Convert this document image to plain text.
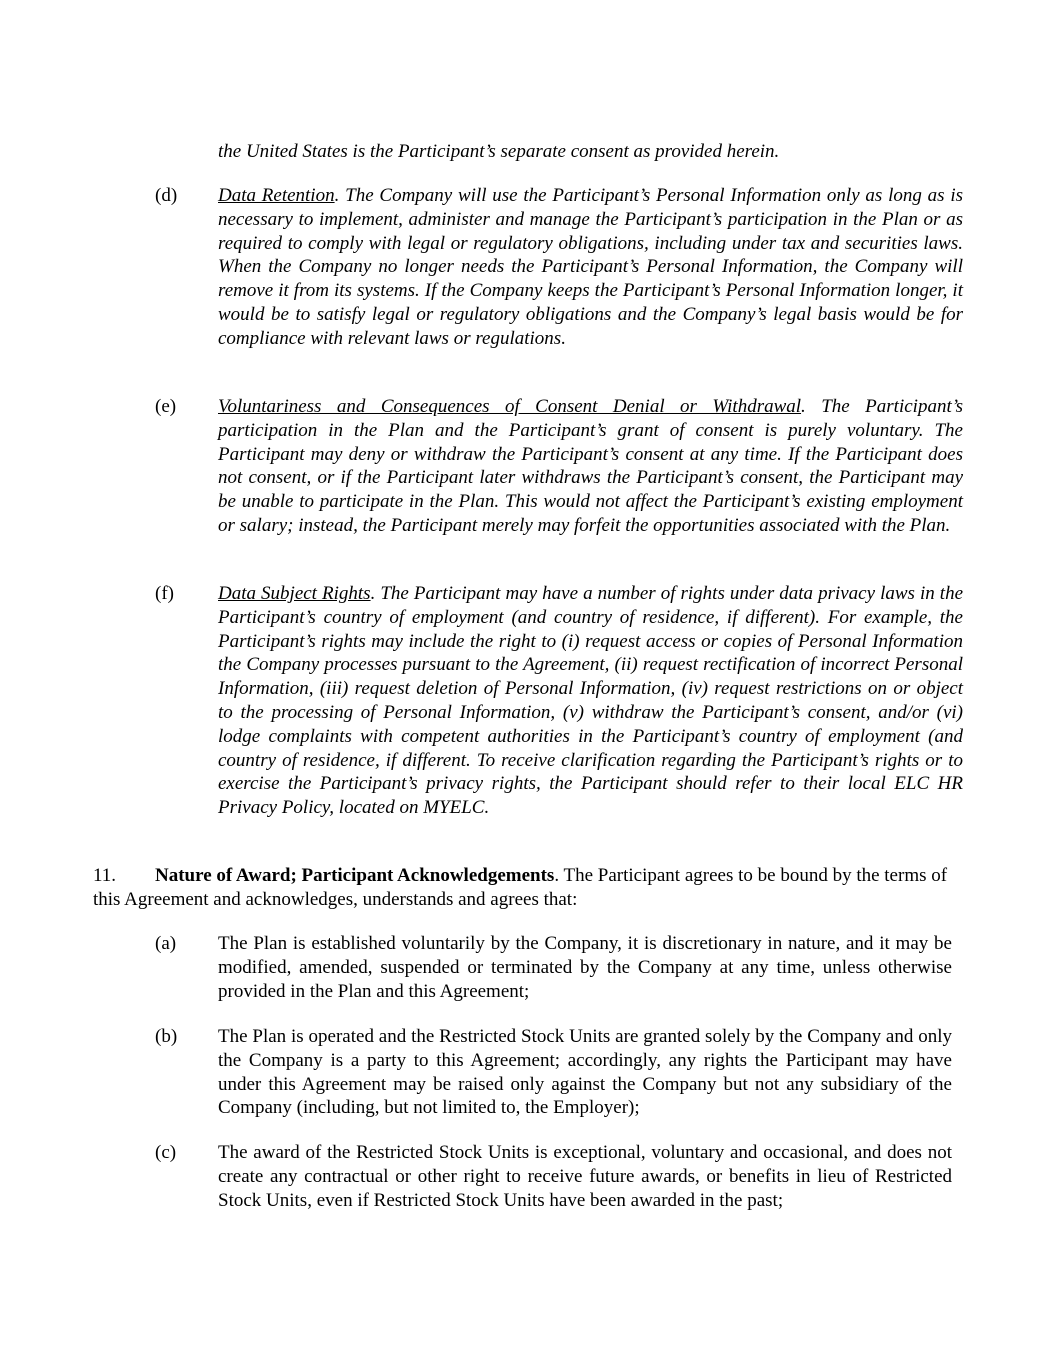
the United States is the Participant’s separate consent as provided herein.
(d) Data Retention. The Company will use the Participant’s Personal Information only as long as is necessary to implement, administer and manage the Participant’s participation in the Plan or as required to comply with legal or regulatory obligations, including under tax and securities laws. When the Company no longer needs the Participant’s Personal Information, the Company will remove it from its systems. If the Company keeps the Participant’s Personal Information longer, it would be to satisfy legal or regulatory obligations and the Company’s legal basis would be for compliance with relevant laws or regulations.
(e) Voluntariness and Consequences of Consent Denial or Withdrawal. The Participant’s participation in the Plan and the Participant’s grant of consent is purely voluntary. The Participant may deny or withdraw the Participant’s consent at any time. If the Participant does not consent, or if the Participant later withdraws the Participant’s consent, the Participant may be unable to participate in the Plan. This would not affect the Participant’s existing employment or salary; instead, the Participant merely may forfeit the opportunities associated with the Plan.
(f) Data Subject Rights. The Participant may have a number of rights under data privacy laws in the Participant’s country of employment (and country of residence, if different). For example, the Participant’s rights may include the right to (i) request access or copies of Personal Information the Company processes pursuant to the Agreement, (ii) request rectification of incorrect Personal Information, (iii) request deletion of Personal Information, (iv) request restrictions on or object to the processing of Personal Information, (v) withdraw the Participant’s consent, and/or (vi) lodge complaints with competent authorities in the Participant’s country of employment (and country of residence, if different. To receive clarification regarding the Participant’s rights or to exercise the Participant’s privacy rights, the Participant should refer to their local ELC HR Privacy Policy, located on MYELC.
11. Nature of Award; Participant Acknowledgements. The Participant agrees to be bound by the terms of this Agreement and acknowledges, understands and agrees that:
(a) The Plan is established voluntarily by the Company, it is discretionary in nature, and it may be modified, amended, suspended or terminated by the Company at any time, unless otherwise provided in the Plan and this Agreement;
(b) The Plan is operated and the Restricted Stock Units are granted solely by the Company and only the Company is a party to this Agreement; accordingly, any rights the Participant may have under this Agreement may be raised only against the Company but not any subsidiary of the Company (including, but not limited to, the Employer);
(c) The award of the Restricted Stock Units is exceptional, voluntary and occasional, and does not create any contractual or other right to receive future awards, or benefits in lieu of Restricted Stock Units, even if Restricted Stock Units have been awarded in the past;
